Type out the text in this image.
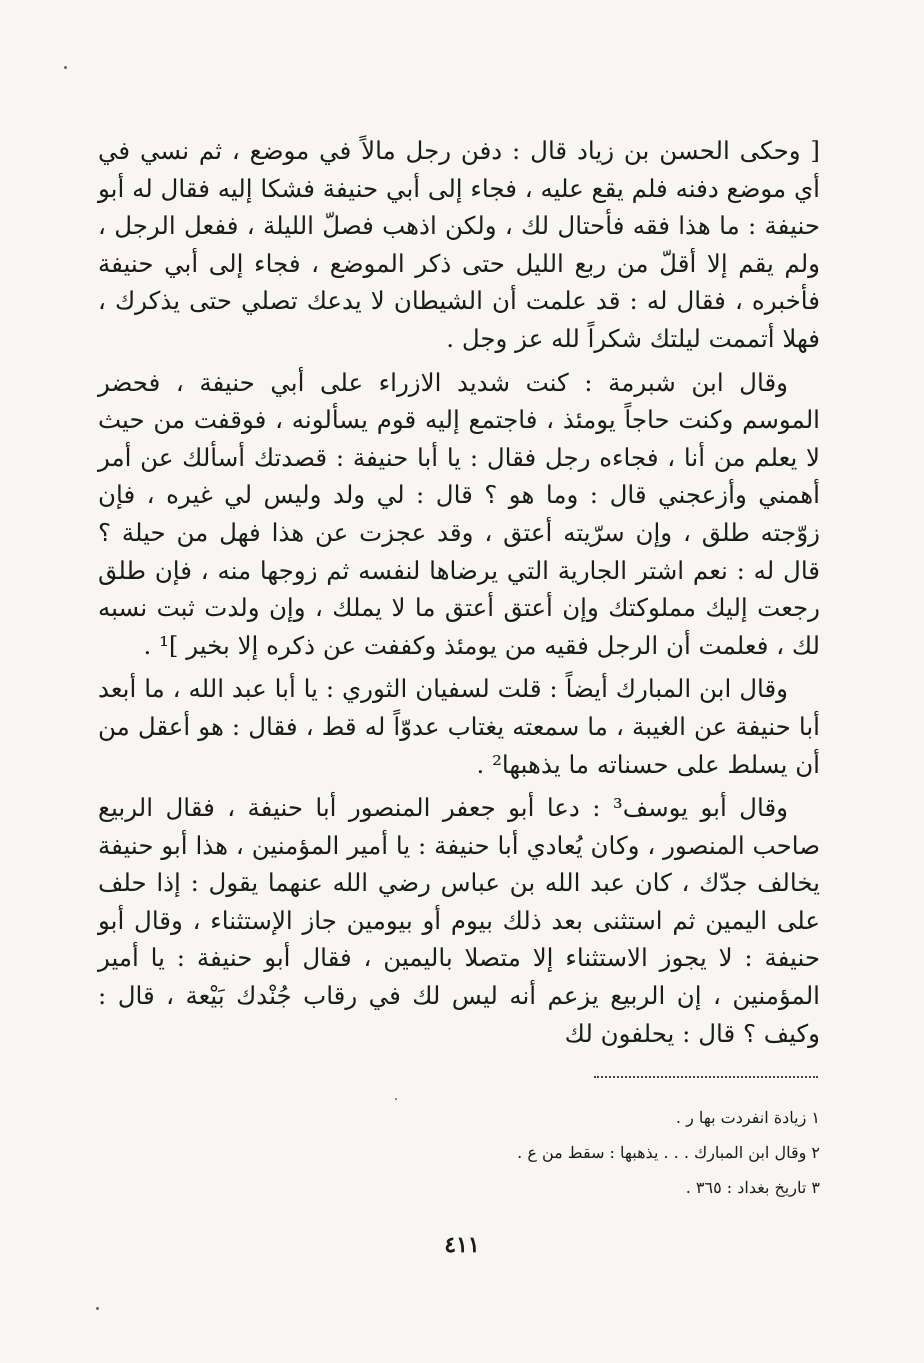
[ وحكى الحسن بن زياد قال : دفن رجل مالاً في موضع ، ثم نسي في أي موضع دفنه فلم يقع عليه ، فجاء إلى أبي حنيفة فشكا إليه فقال له أبو حنيفة : ما هذا فقه فأحتال لك ، ولكن اذهب فصلّ الليلة ، ففعل الرجل ، ولم يقم إلا أقلّ من ربع الليل حتى ذكر الموضع ، فجاء إلى أبي حنيفة فأخبره ، فقال له : قد علمت أن الشيطان لا يدعك تصلي حتى يذكرك ، فهلا أتممت ليلتك شكراً لله عز وجل .

وقال ابن شبرمة : كنت شديد الازراء على أبي حنيفة ، فحضر الموسم وكنت حاجاً يومئذ ، فاجتمع إليه قوم يسألونه ، فوقفت من حيث لا يعلم من أنا ، فجاءه رجل فقال : يا أبا حنيفة : قصدتك أسألك عن أمر أهمني وأزعجني قال : وما هو ؟ قال : لي ولد وليس لي غيره ، فإن زوّجته طلق ، وإن سرّيته أعتق ، وقد عجزت عن هذا فهل من حيلة ؟ قال له : نعم اشتر الجارية التي يرضاها لنفسه ثم زوجها منه ، فإن طلق رجعت إليك مملوكتك وإن أعتق أعتق ما لا يملك ، وإن ولدت ثبت نسبه لك ، فعلمت أن الرجل فقيه من يومئذ وكففت عن ذكره إلا بخير ]¹ .

وقال ابن المبارك أيضاً : قلت لسفيان الثوري : يا أبا عبد الله ، ما أبعد أبا حنيفة عن الغيبة ، ما سمعته يغتاب عدوّاً له قط ، فقال : هو أعقل من أن يسلط على حسناته ما يذهبها² .

وقال أبو يوسف³ : دعا أبو جعفر المنصور أبا حنيفة ، فقال الربيع صاحب المنصور ، وكان يُعادي أبا حنيفة : يا أمير المؤمنين ، هذا أبو حنيفة يخالف جدّك ، كان عبد الله بن عباس رضي الله عنهما يقول : إذا حلف على اليمين ثم استثنى بعد ذلك بيوم أو بيومين جاز الإستثناء ، وقال أبو حنيفة : لا يجوز الاستثناء إلا متصلا باليمين ، فقال أبو حنيفة : يا أمير المؤمنين ، إن الربيع يزعم أنه ليس لك في رقاب جُنْدك بَيْعة ، قال : وكيف ؟ قال : يحلفون لك

١ زيادة انفردت بها ر .
٢ وقال ابن المبارك . . . يذهبها : سقط من ع .
٣ تاريخ بغداد : ٣٦٥ .
٤١١
